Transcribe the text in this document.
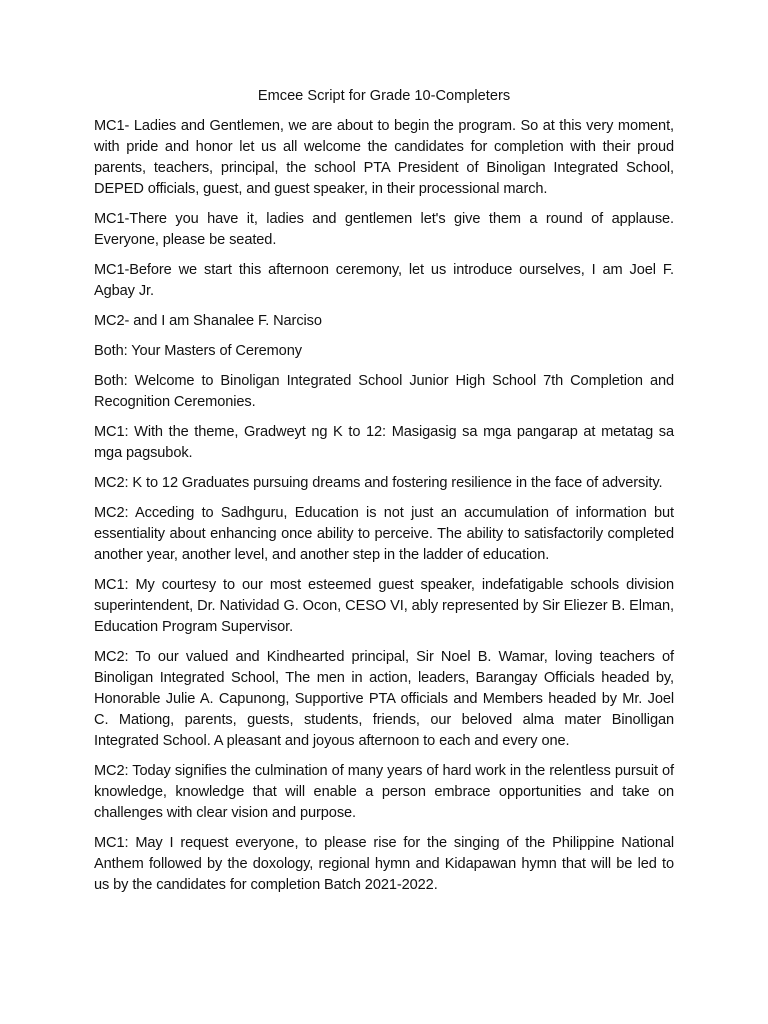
Emcee Script for Grade 10-Completers

MC1- Ladies and Gentlemen, we are about to begin the program. So at this very moment, with pride and honor let us all welcome the candidates for completion with their proud parents, teachers, principal, the school PTA President of Binoligan Integrated School, DEPED officials, guest, and guest speaker, in their processional march.

MC1-There you have it, ladies and gentlemen let's give them a round of applause. Everyone, please be seated.

MC1-Before we start this afternoon ceremony, let us introduce ourselves, I am Joel F. Agbay Jr.

MC2- and I am Shanalee F. Narciso

Both: Your Masters of Ceremony

Both: Welcome to Binoligan Integrated School Junior High School 7th Completion and Recognition Ceremonies.

MC1: With the theme, Gradweyt ng K to 12: Masigasig sa mga pangarap at metatag sa mga pagsubok.

MC2: K to 12 Graduates pursuing dreams and fostering resilience in the face of adversity.

MC2: Acceding to Sadhguru, Education is not just an accumulation of information but essentiality about enhancing once ability to perceive. The ability to satisfactorily completed another year, another level, and another step in the ladder of education.

MC1: My courtesy to our most esteemed guest speaker, indefatigable schools division superintendent, Dr. Natividad G. Ocon, CESO VI, ably represented by Sir Eliezer B. Elman, Education Program Supervisor.

MC2: To our valued and Kindhearted principal, Sir Noel B. Wamar, loving teachers of Binoligan Integrated School, The men in action, leaders, Barangay Officials headed by, Honorable Julie A. Capunong, Supportive PTA officials and Members headed by Mr. Joel C. Mationg, parents, guests, students, friends, our beloved alma mater Binolligan Integrated School. A pleasant and joyous afternoon to each and every one.

MC2: Today signifies the culmination of many years of hard work in the relentless pursuit of knowledge, knowledge that will enable a person embrace opportunities and take on challenges with clear vision and purpose.

MC1: May I request everyone, to please rise for the singing of the Philippine National Anthem followed by the doxology, regional hymn and Kidapawan hymn that will be led to us by the candidates for completion Batch 2021-2022.
